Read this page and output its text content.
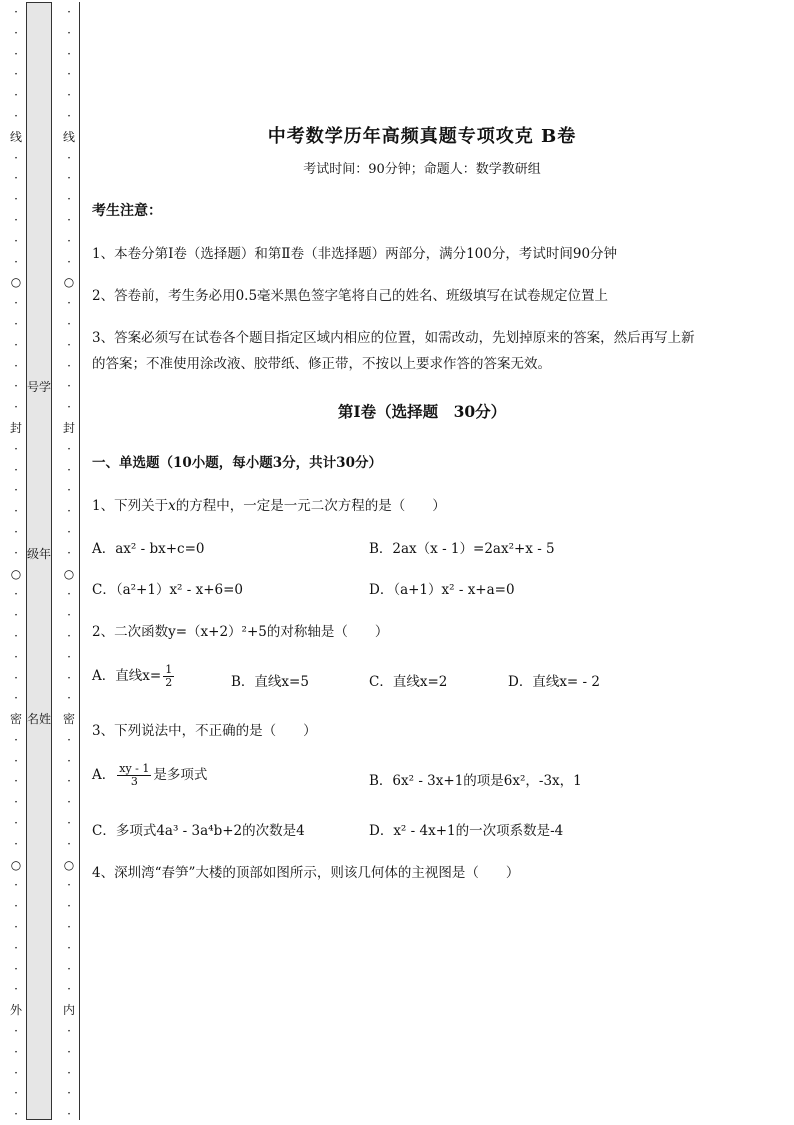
·
·
·
·
·
·
线
·
·
·
·
·
·
○
·
·
·
·
·
·
封
·
·
·
·
·
·
○
·
·
·
·
·
·
密
·
·
·
·
·
·
○
·
·
·
·
·
·
外
·
·
·
·
·
·
·
·
·
·
·
线
·
·
·
·
·
·
○
·
·
·
·
·
·
封
·
·
·
·
·
·
○
·
·
·
·
·
·
密
·
·
·
·
·
·
○
·
·
·
·
·
·
内
·
·
·
·
·
号学
级年
名姓
中考数学历年高频真题专项攻克 B卷

考试时间：90分钟；命题人：数学教研组

考生注意：

1、本卷分第I卷（选择题）和第Ⅱ卷（非选择题）两部分，满分100分，考试时间90分钟

2、答卷前，考生务必用0.5毫米黑色签字笔将自己的姓名、班级填写在试卷规定位置上

3、答案必须写在试卷各个题目指定区域内相应的位置，如需改动，先划掉原来的答案，然后再写上新

的答案；不准使用涂改液、胶带纸、修正带，不按以上要求作答的答案无效。

第I卷（选择题　30分）

一、单选题（10小题，每小题3分，共计30分）

1、下列关于x的方程中，一定是一元二次方程的是（　　）

A．ax² - bx+c=0	B．2ax（x - 1）=2ax²+x - 5
C．（a²+1）x² - x+6=0	D．（a+1）x² - x+a=0

2、二次函数y=（x+2）²+5的对称轴是（　　）

A．直线$x= \frac{1}{2}$	B．直线x=5	C．直线x=2	D．直线x= - 2

3、下列说法中，不正确的是（　　）

A． $\frac{xy - 1}{3}$ 是多项式	B．6x² - 3x+1的项是6x²，-3x，1
C．多项式4a³ - 3a⁴b+2的次数是4	D．x² - 4x+1的一次项系数是-4

4、深圳湾“春笋”大楼的顶部如图所示，则该几何体的主视图是（　　）
